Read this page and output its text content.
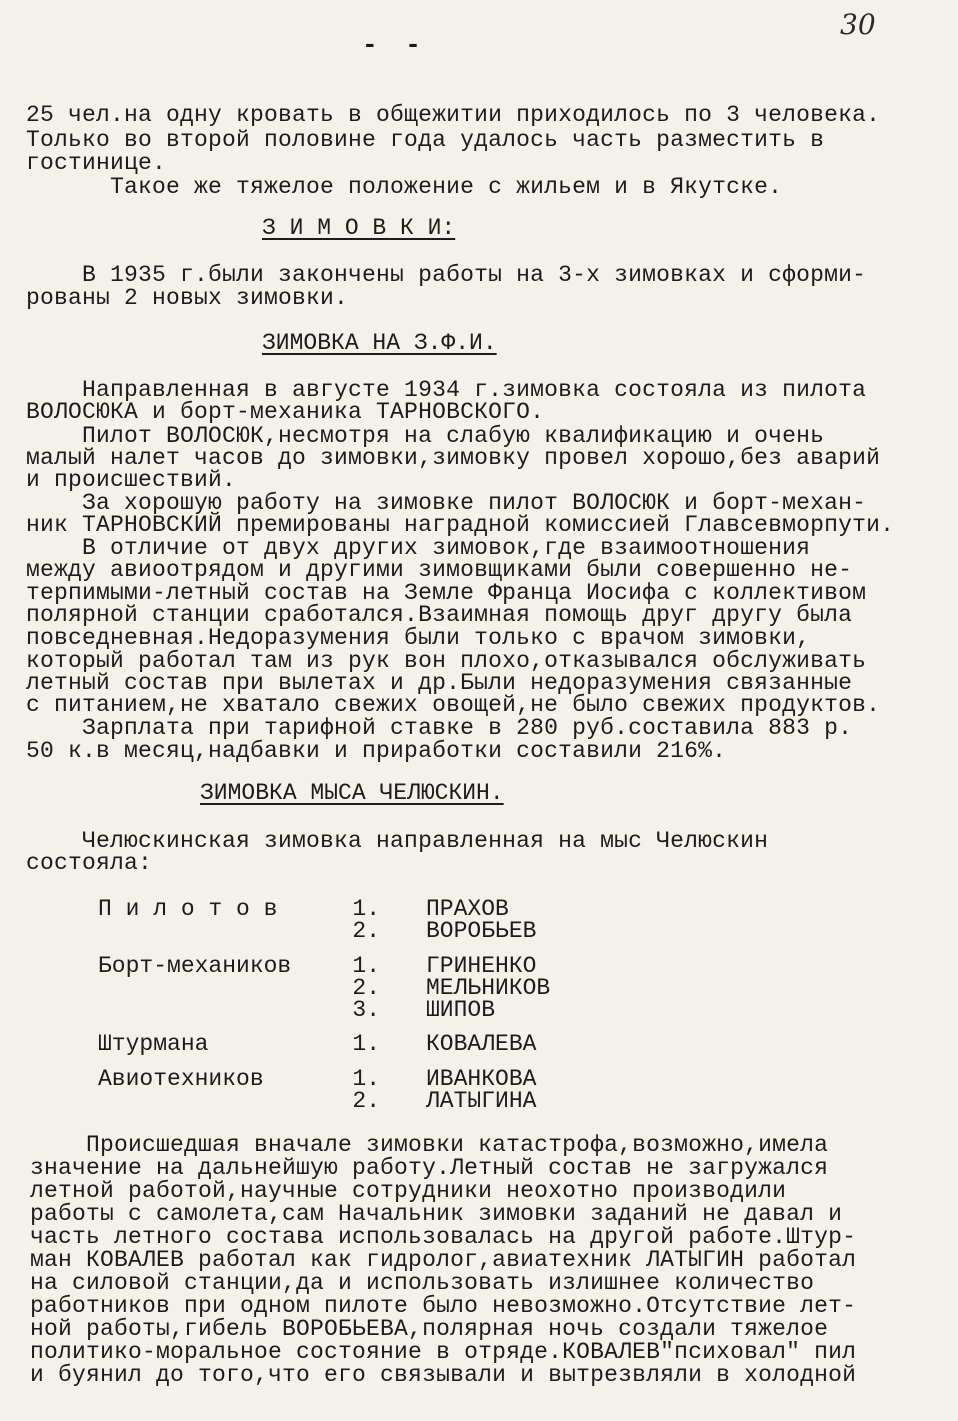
30
- -
25 чел.на одну кровать в общежитии приходилось по 3 человека.
Только во второй половине года удалось часть разместить в
гостинице.
Такое же тяжелое положение с жильем и в Якутске.
З И М О В К И:
В 1935 г.были закончены работы на 3-х зимовках и сформи-
рованы 2 новых зимовки.
ЗИМОВКА НА З.Ф.И.
Направленная в августе 1934 г.зимовка состояла из пилота
ВОЛОСЮКА и борт-механика ТАРНОВСКОГО.
Пилот ВОЛОСЮК,несмотря на слабую квалификацию и очень
малый налет часов до зимовки,зимовку провел хорошо,без аварий
и происшествий.
За хорошую работу на зимовке пилот ВОЛОСЮК и борт-механ-
ник ТАРНОВСКИЙ премированы наградной комиссией Главсевморпути.
В отличие от двух других зимовок,где взаимоотношения
между авиоотрядом и другими зимовщиками были совершенно не-
терпимыми-летный состав на Земле Франца Иосифа с коллективом
полярной станции сработался.Взаимная помощь друг другу была
повседневная.Недоразумения были только с врачом зимовки,
который работал там из рук вон плохо,отказывался обслуживать
летный состав при вылетах и др.Были недоразумения связанные
с питанием,не хватало свежих овощей,не было свежих продуктов.
Зарплата при тарифной ставке в 280 руб.составила 883 р.
50 к.в месяц,надбавки и приработки составили 216%.
ЗИМОВКА МЫСА ЧЕЛЮСКИН.
Челюскинская зимовка направленная на мыс Челюскин
состояла:
П и л о т о в	1. ПРАХОВ
2. ВОРОБЬЕВ
Борт-механиков	1. ГРИНЕНКО
2. МЕЛЬНИКОВ
3. ШИПОВ
Штурмана	1. КОВАЛЕВА
Авиотехников	1. ИВАНКОВА
2. ЛАТЫГИНА
Происшедшая вначале зимовки катастрофа,возможно,имела
значение на дальнейшую работу.Летный состав не загружался
летной работой,научные сотрудники неохотно производили
работы с самолета,сам Начальник зимовки заданий не давал и
часть летного состава использовалась на другой работе.Штур-
ман КОВАЛЕВ работал как гидролог,авиатехник ЛАТЫГИН работал
на силовой станции,да и использовать излишнее количество
работников при одном пилоте было невозможно.Отсутствие лет-
ной работы,гибель ВОРОБЬЕВА,полярная ночь создали тяжелое
политико-моральное состояние в отряде.КОВАЛЕВ"психовал" пил
и буянил до того,что его связывали и вытрезвляли в холодной
